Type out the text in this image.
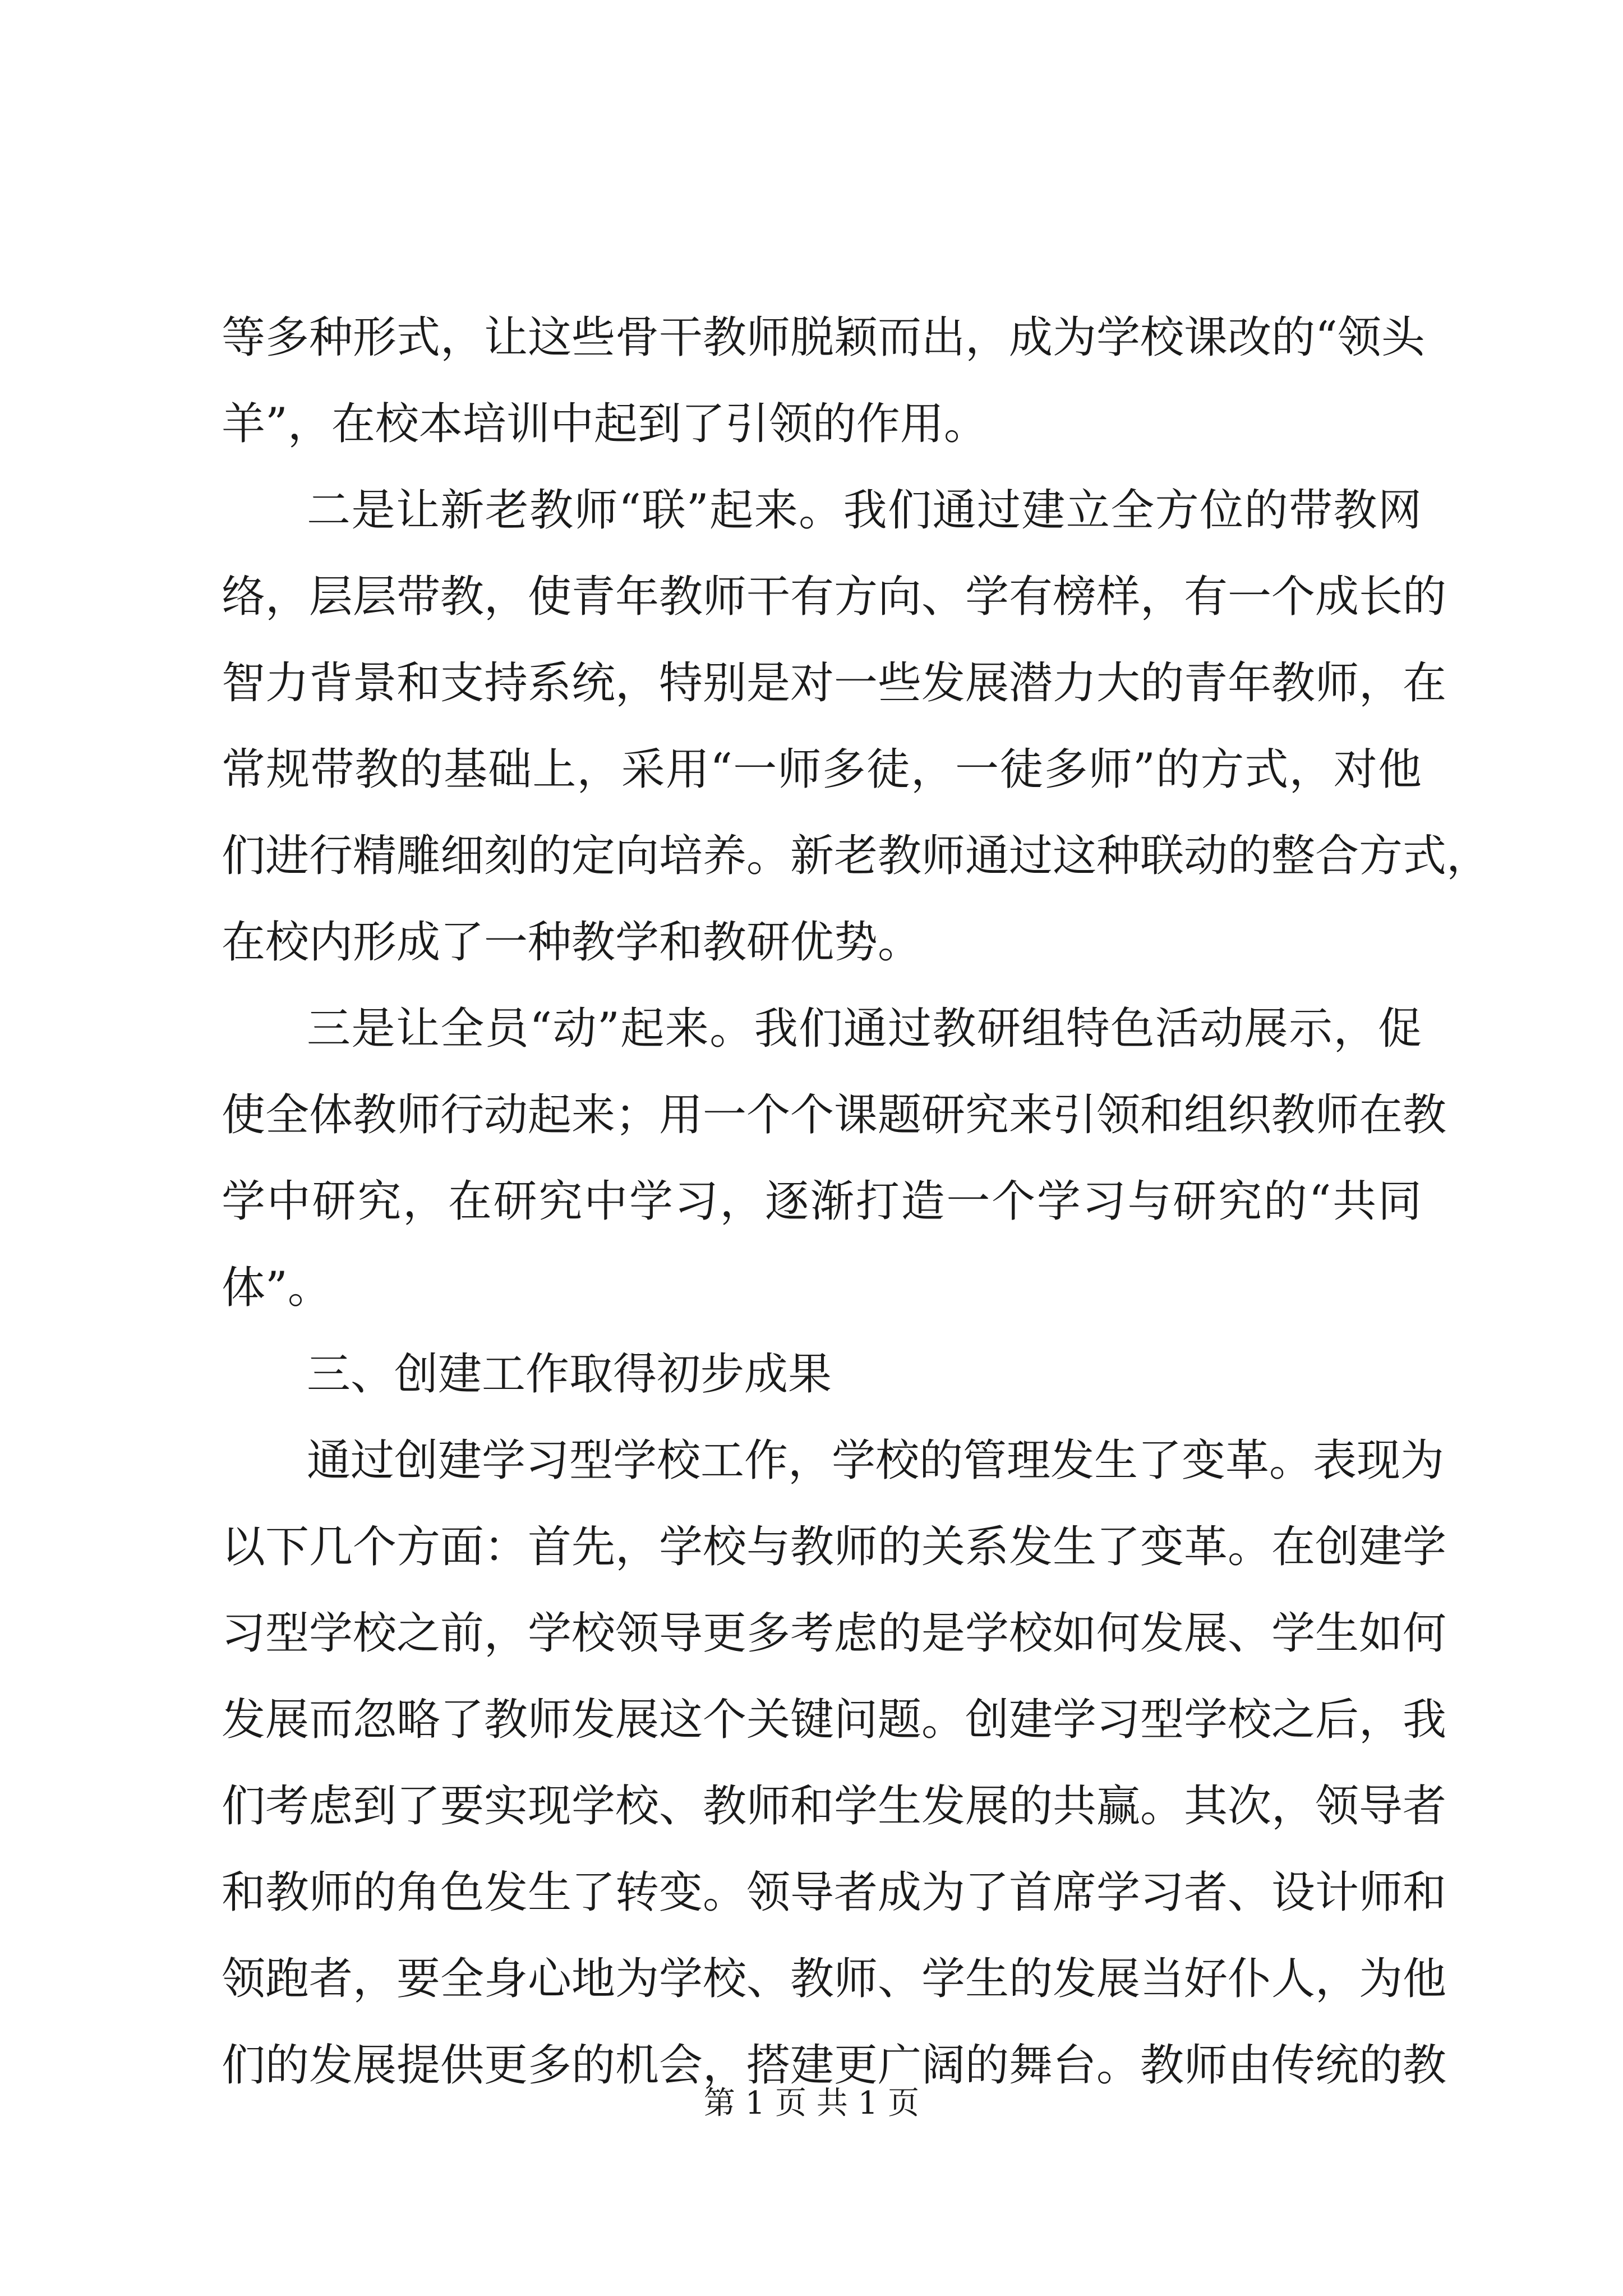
等多种形式，让这些骨干教师脱颖而出，成为学校课改的“领头
羊”，在校本培训中起到了引领的作用。
二是让新老教师“联”起来。我们通过建立全方位的带教网
络，层层带教，使青年教师干有方向、学有榜样，有一个成长的
智力背景和支持系统，特别是对一些发展潜力大的青年教师，在
常规带教的基础上，采用“一师多徒，一徒多师”的方式，对他
们进行精雕细刻的定向培养。新老教师通过这种联动的整合方式，
在校内形成了一种教学和教研优势。
三是让全员“动”起来。我们通过教研组特色活动展示，促
使全体教师行动起来；用一个个课题研究来引领和组织教师在教
学中研究，在研究中学习，逐渐打造一个学习与研究的“共同
体”。
三、创建工作取得初步成果
通过创建学习型学校工作，学校的管理发生了变革。表现为
以下几个方面：首先，学校与教师的关系发生了变革。在创建学
习型学校之前，学校领导更多考虑的是学校如何发展、学生如何
发展而忽略了教师发展这个关键问题。创建学习型学校之后，我
们考虑到了要实现学校、教师和学生发展的共赢。其次，领导者
和教师的角色发生了转变。领导者成为了首席学习者、设计师和
领跑者，要全身心地为学校、教师、学生的发展当好仆人，为他
们的发展提供更多的机会，搭建更广阔的舞台。教师由传统的教
第 1 页 共 1 页
